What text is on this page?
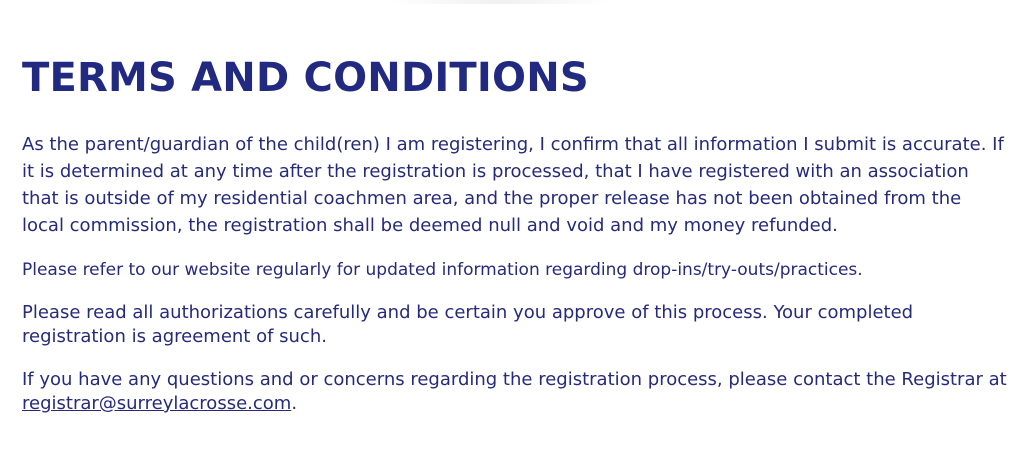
TERMS AND CONDITIONS

As the parent/guardian of the child(ren) I am registering, I confirm that all information I submit is accurate. If it is determined at any time after the registration is processed, that I have registered with an association that is outside of my residential coachmen area, and the proper release has not been obtained from the local commission, the registration shall be deemed null and void and my money refunded.

Please refer to our website regularly for updated information regarding drop-ins/try-outs/practices.

Please read all authorizations carefully and be certain you approve of this process. Your completed registration is agreement of such.

If you have any questions and or concerns regarding the registration process, please contact the Registrar at registrar@surreylacrosse.com.
